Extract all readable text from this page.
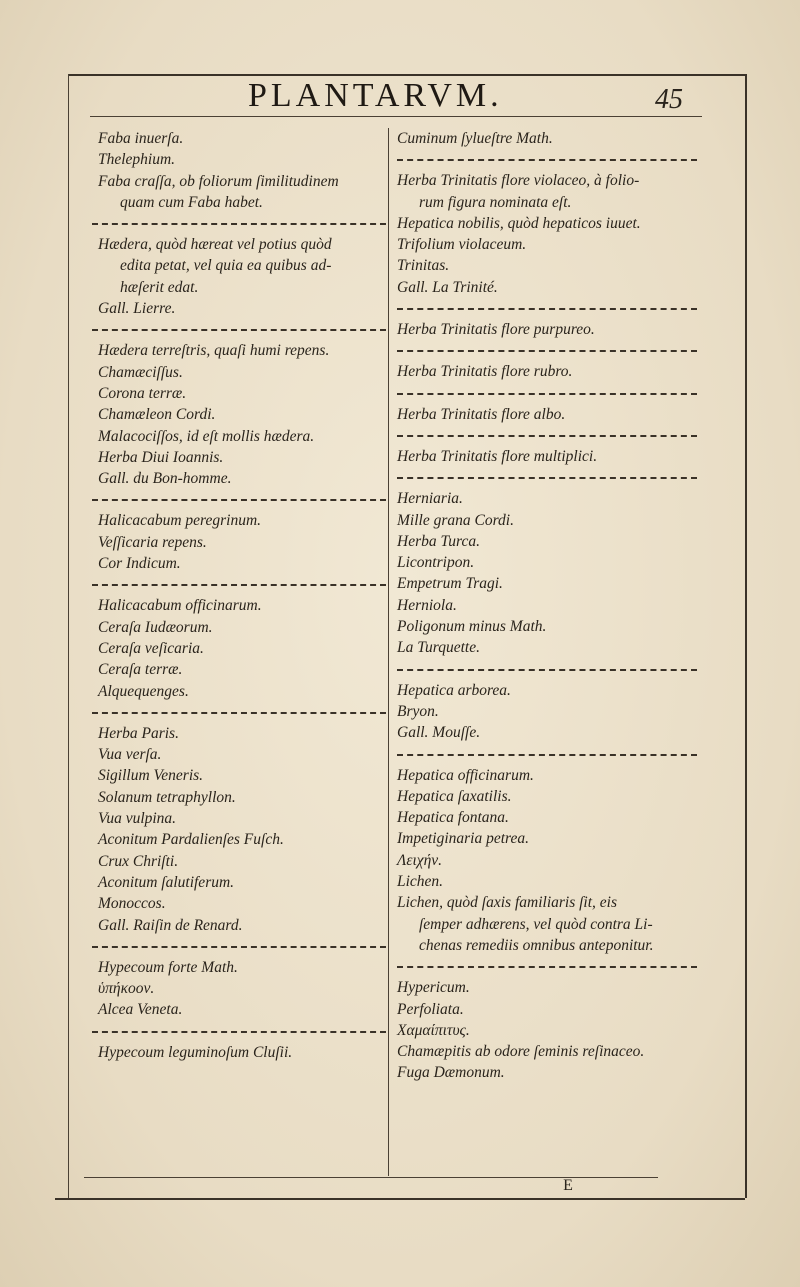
PLANTARVM.	45
Faba inuerſa.
Thelephium.
Faba craſſa, ob foliorum ſimilitudinem
quam cum Faba habet.
Hædera, quòd hæreat vel potius quòd
edita petat, vel quia ea quibus ad-
hæſerit edat.
Gall. Lierre.
Hædera terreſtris, quaſi humi repens.
Chamæciſſus.
Corona terræ.
Chamæleon Cordi.
Malacociſſos, id eſt mollis hædera.
Herba Diui Ioannis.
Gall. du Bon-homme.
Halicacabum peregrinum.
Veſſicaria repens.
Cor Indicum.
Halicacabum officinarum.
Ceraſa Iudæorum.
Ceraſa veſicaria.
Ceraſa terræ.
Alquequenges.
Herba Paris.
Vua verſa.
Sigillum Veneris.
Solanum tetraphyllon.
Vua vulpina.
Aconitum Pardalienſes Fuſch.
Crux Chriſti.
Aconitum ſalutiferum.
Monoccos.
Gall. Raiſin de Renard.
Hypecoum forte Math.
ὑπήκοον.
Alcea Veneta.
Hypecoum leguminoſum Cluſii.
Cuminum ſylueſtre Math.
Herba Trinitatis flore violaceo, à folio-
rum figura nominata eſt.
Hepatica nobilis, quòd hepaticos iuuet.
Trifolium violaceum.
Trinitas.
Gall. La Trinité.
Herba Trinitatis flore purpureo.
Herba Trinitatis flore rubro.
Herba Trinitatis flore albo.
Herba Trinitatis flore multiplici.
Herniaria.
Mille grana Cordi.
Herba Turca.
Licontripon.
Empetrum Tragi.
Herniola.
Poligonum minus Math.
La Turquette.
Hepatica arborea.
Bryon.
Gall. Mouſſe.
Hepatica officinarum.
Hepatica ſaxatilis.
Hepatica fontana.
Impetiginaria petrea.
Λειχήν.
Lichen.
Lichen, quòd ſaxis familiaris ſit, eis
ſemper adhærens, vel quòd contra Li-
chenas remediis omnibus anteponitur.
Hypericum.
Perfoliata.
Χαμαίπιτυς.
Chamæpitis ab odore ſeminis reſinaceo.
Fuga Dæmonum.
E
